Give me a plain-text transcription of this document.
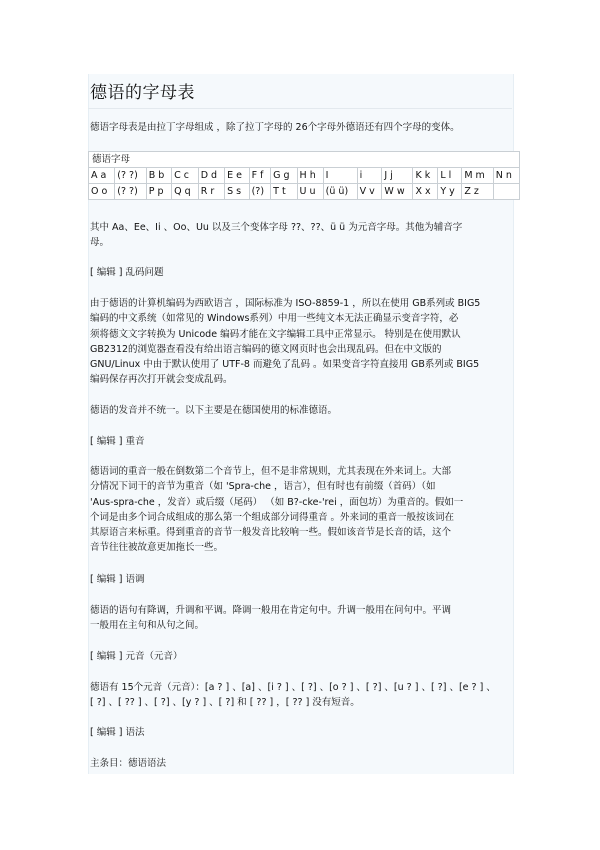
德语的字母表
德语字母表是由拉丁字母组成 ，除了拉丁字母的 26个字母外德语还有四个字母的变体。
德语字母															
A a	(? ?)	B b	C c	D d	E e	F f	G g	H h	I	i	J j	K k	L l	M m	N n
O o	(? ?)	P p	Q q	R r	S s	(?)	T t	U u	(ü ü)	V v	W w	X x	Y y	Z z	
其中 Aa、Ee、Ii 、Oo、Uu 以及三个变体字母 ??、??、ü ü 为元音字母。其他为辅音字
母。
[ 编辑 ] 乱码问题
由于德语的计算机编码为西欧语言 ，国际标准为 ISO-8859-1 ，所以在使用 GB系列或 BIG5
编码的中文系统（如常见的 Windows系列）中用一些纯文本无法正确显示变音字符，必
须将德文文字转换为 Unicode 编码才能在文字编辑工具中正常显示。 特别是在使用默认
GB2312的浏览器查看没有给出语言编码的德文网页时也会出现乱码。但在中文版的
GNU/Linux 中由于默认使用了 UTF-8 而避免了乱码 。如果变音字符直接用 GB系列或 BIG5
编码保存再次打开就会变成乱码。
德语的发音并不统一。以下主要是在德国使用的标准德语。
[ 编辑 ] 重音
德语词的重音一般在倒数第二个音节上，但不是非常规则，尤其表现在外来词上。大部
分情况下词干的音节为重音（如 'Spra-che ，语言），但有时也有前缀（首码）（如
'Aus-spra-che ，发音）或后缀（尾码） （如 B?-cke-'rei ，面包坊）为重音的。假如一
个词是由多个词合成组成的那么第一个组成部分词得重音 。外来词的重音一般按该词在
其原语言来标重。得到重音的音节一般发音比较响一些。假如该音节是长音的话，这个
音节往往被故意更加拖长一些。
[ 编辑 ] 语调
德语的语句有降调，升调和平调。降调一般用在肯定句中。升调一般用在问句中。平调
一般用在主句和从句之间。
[ 编辑 ] 元音（元音）
德语有 15个元音（元音）：[a ? ] 、[a] 、[i ? ] 、[ ?] 、[o ? ] 、[ ?] 、[u ? ] 、[ ?] 、[e ? ] 、
[ ?] 、[ ?? ] 、[ ?] 、[y ? ] 、[ ?] 和 [ ?? ] ，[ ?? ] 没有短音。
[ 编辑 ] 语法
主条目：德语语法
